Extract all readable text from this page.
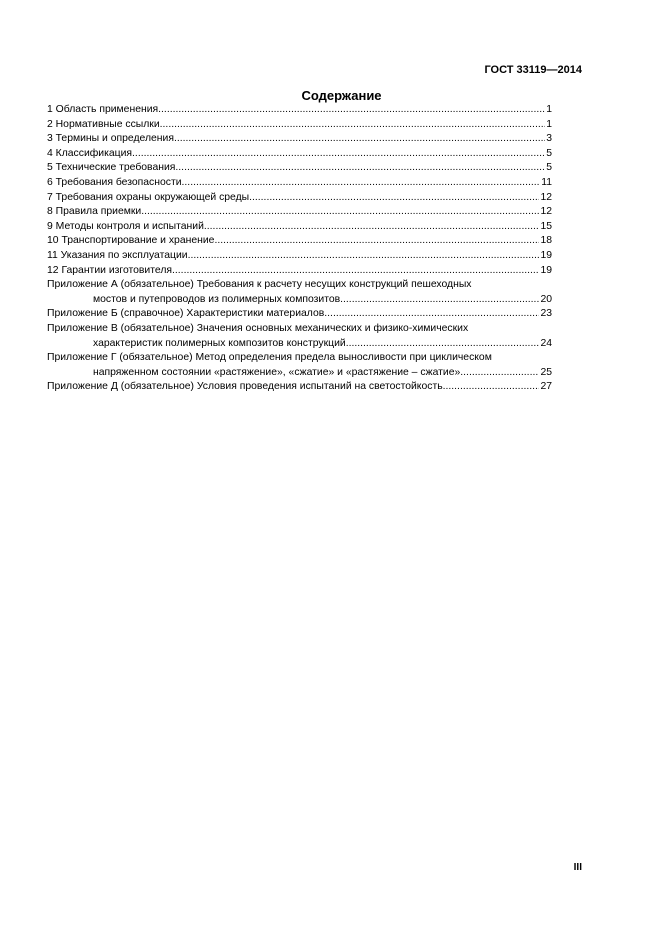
ГОСТ 33119—2014
Содержание
1 Область применения .....	1
2 Нормативные ссылки .....	1
3 Термины и определения .....	3
4 Классификация .....	5
5 Технические требования .....	5
6 Требования безопасности .....	11
7 Требования охраны окружающей среды .....	12
8 Правила приемки .....	12
9 Методы контроля и испытаний .....	15
10 Транспортирование и хранение .....	18
11 Указания по эксплуатации .....	19
12 Гарантии изготовителя .....	19
Приложение А (обязательное) Требования к расчету несущих конструкций пешеходных
мостов и путепроводов из полимерных композитов .....	20
Приложение Б (справочное) Характеристики материалов .....	23
Приложение В (обязательное) Значения основных механических и физико-химических
характеристик полимерных композитов конструкций .....	24
Приложение Г (обязательное) Метод определения предела выносливости при циклическом
напряженном состоянии «растяжение», «сжатие» и «растяжение – сжатие» .....	25
Приложение Д (обязательное) Условия проведения испытаний на светостойкость .....	27
III
